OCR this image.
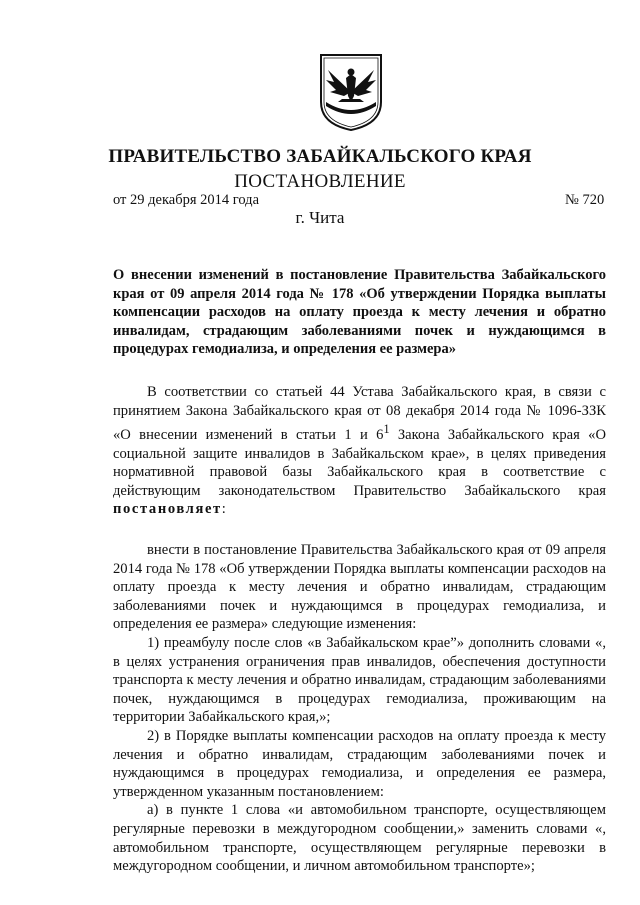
ПРАВИТЕЛЬСТВО ЗАБАЙКАЛЬСКОГО КРАЯ
ПОСТАНОВЛЕНИЕ
от 29 декабря 2014 года	№ 720
г. Чита
О внесении изменений в постановление Правительства Забайкальского края от 09 апреля 2014 года № 178 «Об утверждении Порядка выплаты компенсации расходов на оплату проезда к месту лечения и обратно инвалидам, страдающим заболеваниями почек и нуждающимся в процедурах гемодиализа, и определения ее размера»

В соответствии со статьей 44 Устава Забайкальского края, в связи с принятием Закона Забайкальского края от 08 декабря 2014 года № 1096-ЗЗК «О внесении изменений в статьи 1 и $6^1$ Закона Забайкальского края «О социальной защите инвалидов в Забайкальском крае», в целях приведения нормативной правовой базы Забайкальского края в соответствие с действующим законодательством Правительство Забайкальского края постановляет:

внести в постановление Правительства Забайкальского края от 09 апреля 2014 года № 178 «Об утверждении Порядка выплаты компенсации расходов на оплату проезда к месту лечения и обратно инвалидам, страдающим заболеваниями почек и нуждающимся в процедурах гемодиализа, и определения ее размера» следующие изменения:

1) преамбулу после слов «в Забайкальском крае”» дополнить словами «, в целях устранения ограничения прав инвалидов, обеспечения доступности транспорта к месту лечения и обратно инвалидам, страдающим заболеваниями почек, нуждающимся в процедурах гемодиализа, проживающим на территории Забайкальского края,»;

2) в Порядке выплаты компенсации расходов на оплату проезда к месту лечения и обратно инвалидам, страдающим заболеваниями почек и нуждающимся в процедурах гемодиализа, и определения ее размера, утвержденном указанным постановлением:

а) в пункте 1 слова «и автомобильном транспорте, осуществляющем регулярные перевозки в междугородном сообщении,» заменить словами «, автомобильном транспорте, осуществляющем регулярные перевозки в междугородном сообщении, и личном автомобильном транспорте»;
